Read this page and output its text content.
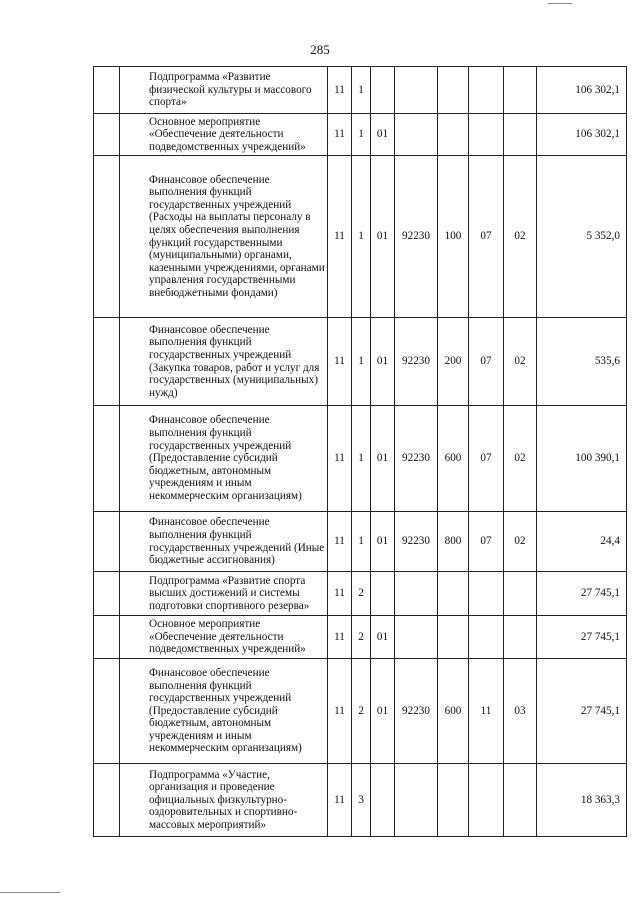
285
	Подпрограмма «Развитие физической культуры и массового спорта»	11	1						106 302,1
	Основное мероприятие «Обеспечение деятельности подведомственных учреждений»	11	1	01					106 302,1
	Финансовое обеспечение выполнения функций государственных учреждений (Расходы на выплаты персоналу в целях обеспечения выполнения функций государственными (муниципальными) органами, казенными учреждениями, органами управления государственными внебюджетными фондами)	11	1	01	92230	100	07	02	5 352,0
	Финансовое обеспечение выполнения функций государственных учреждений (Закупка товаров, работ и услуг для государственных (муниципальных) нужд)	11	1	01	92230	200	07	02	535,6
	Финансовое обеспечение выполнения функций государственных учреждений (Предоставление субсидий бюджетным, автономным учреждениям и иным некоммерческим организациям)	11	1	01	92230	600	07	02	100 390,1
	Финансовое обеспечение выполнения функций государственных учреждений (Иные бюджетные ассигнования)	11	1	01	92230	800	07	02	24,4
	Подпрограмма «Развитие спорта высших достижений и системы подготовки спортивного резерва»	11	2						27 745,1
	Основное мероприятие «Обеспечение деятельности подведомственных учреждений»	11	2	01					27 745,1
	Финансовое обеспечение выполнения функций государственных учреждений (Предоставление субсидий бюджетным, автономным учреждениям и иным некоммерческим организациям)	11	2	01	92230	600	11	03	27 745,1
	Подпрограмма «Участие, организация и проведение официальных физкультурно-оздоровительных и спортивно-массовых мероприятий»	11	3						18 363,3
